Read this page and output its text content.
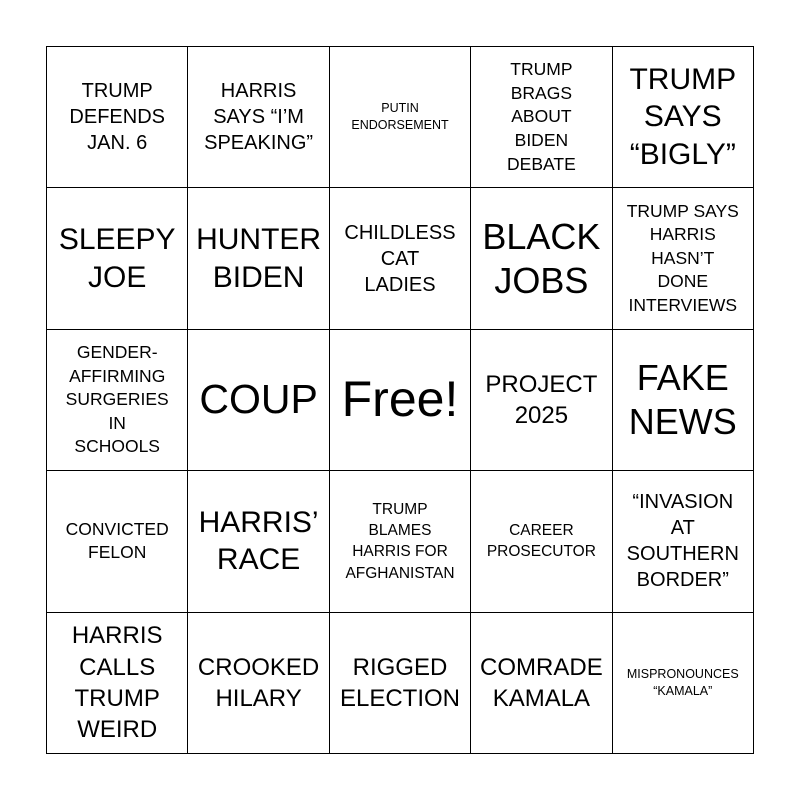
TRUMP
DEFENDS
JAN. 6
HARRIS
SAYS “I’M
SPEAKING”
PUTIN
ENDORSEMENT
TRUMP
BRAGS
ABOUT
BIDEN
DEBATE
TRUMP
SAYS
“BIGLY”
SLEEPY
JOE
HUNTER
BIDEN
CHILDLESS
CAT
LADIES
BLACK
JOBS
TRUMP SAYS
HARRIS
HASN’T
DONE
INTERVIEWS
GENDER-
AFFIRMING
SURGERIES
IN
SCHOOLS
COUP Free!	PROJECT
2025
FAKE
NEWS
CONVICTED
FELON
HARRIS’
RACE
TRUMP
BLAMES
HARRIS FOR
AFGHANISTAN
CAREER
PROSECUTOR
“INVASION
AT
SOUTHERN
BORDER”
HARRIS
CALLS
TRUMP
WEIRD
CROOKED
HILARY
RIGGED
ELECTION
COMRADE
KAMALA
MISPRONOUNCES
“KAMALA”
